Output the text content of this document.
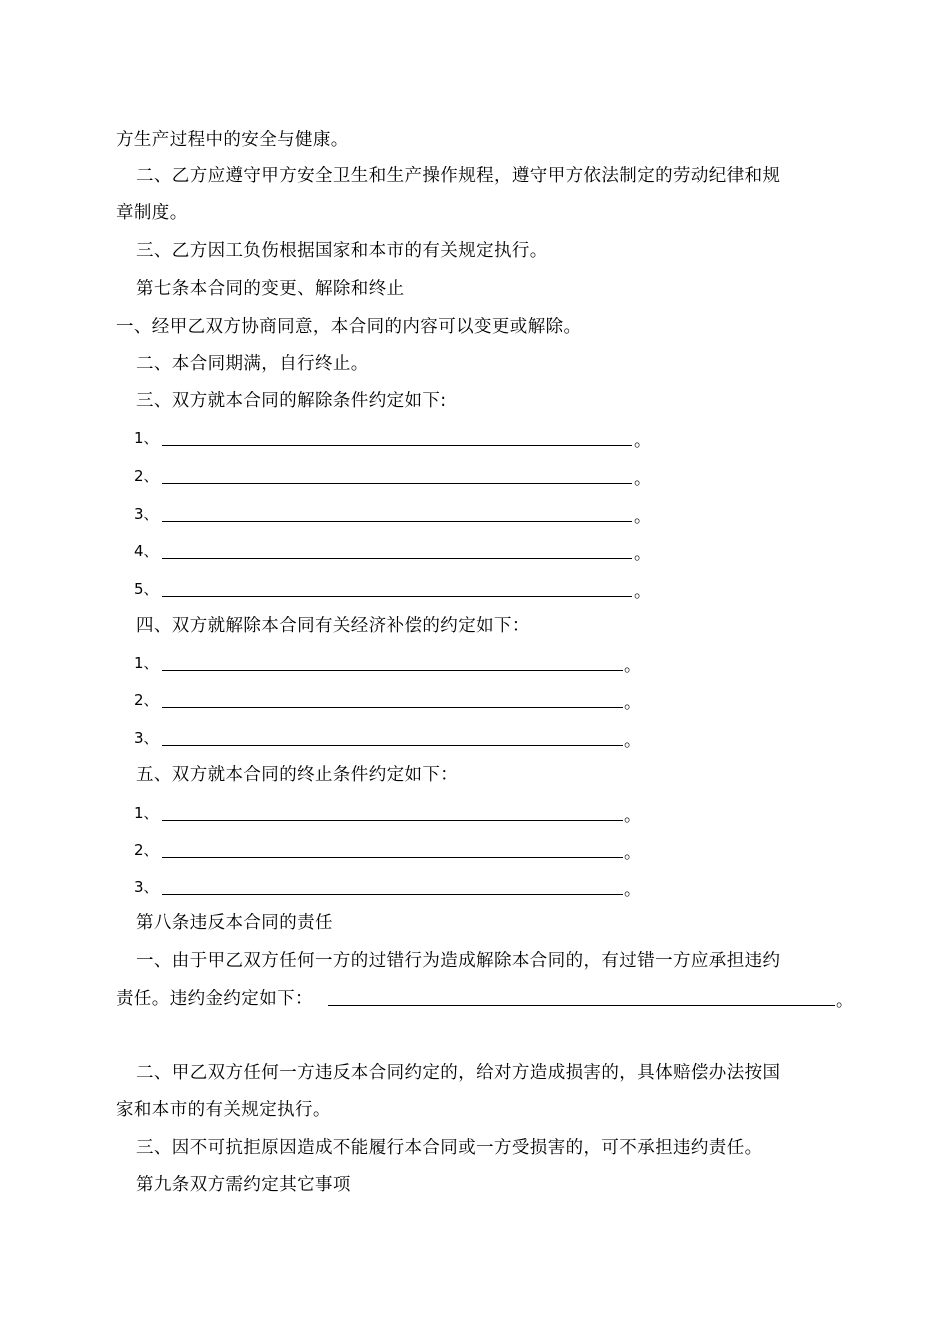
方生产过程中的安全与健康。
二、乙方应遵守甲方安全卫生和生产操作规程，遵守甲方依法制定的劳动纪律和规
章制度。
三、乙方因工负伤根据国家和本市的有关规定执行。
第七条本合同的变更、解除和终止
一、经甲乙双方协商同意，本合同的内容可以变更或解除。
二、本合同期满，自行终止。
三、双方就本合同的解除条件约定如下:
1、	。
2、	。
3、	。
4、	。
5、	。
四、双方就解除本合同有关经济补偿的约定如下：
1、	。
2、	。
3、	。
五、双方就本合同的终止条件约定如下：
1、	。
2、	。
3、	。
第八条违反本合同的责任
一、由于甲乙双方任何一方的过错行为造成解除本合同的，有过错一方应承担违约
责任。违约金约定如下：	。
二、甲乙双方任何一方违反本合同约定的，给对方造成损害的，具体赔偿办法按国
家和本市的有关规定执行。
三、因不可抗拒原因造成不能履行本合同或一方受损害的，可不承担违约责任。
第九条双方需约定其它事项
